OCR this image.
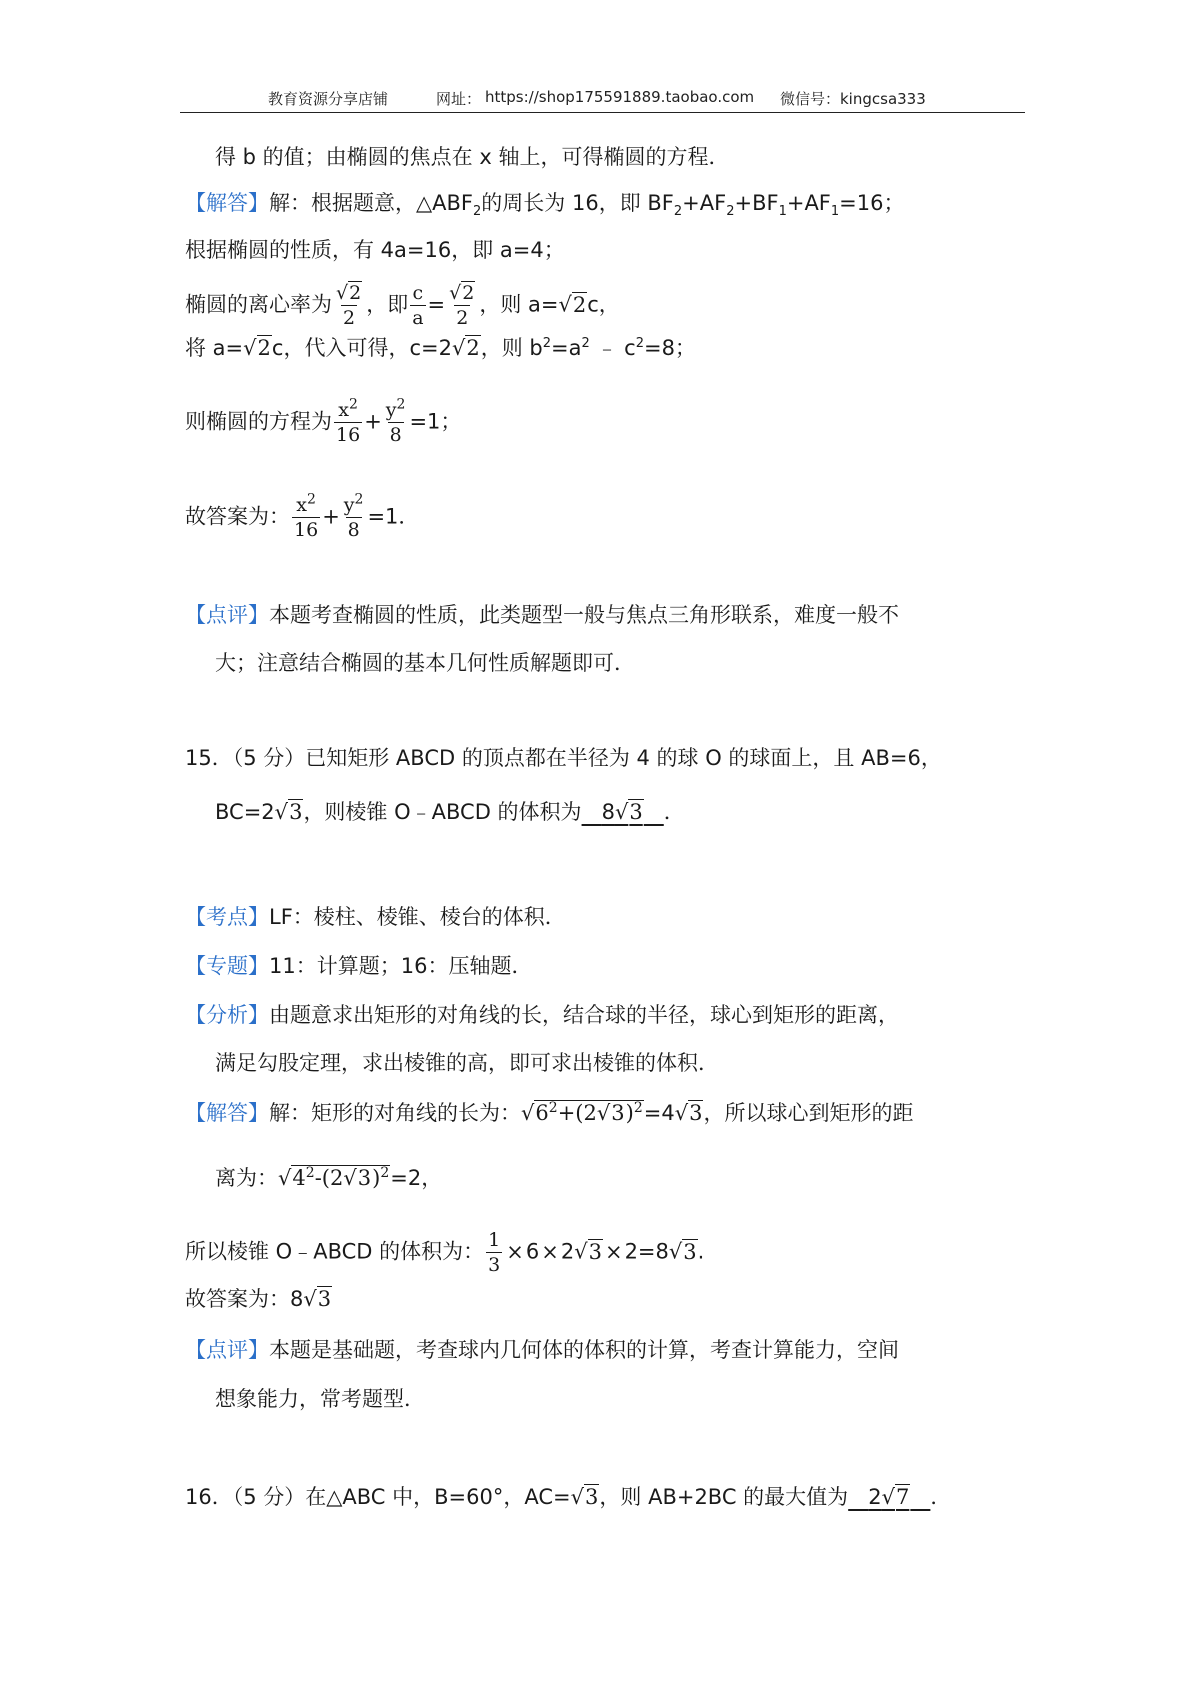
教育资源分享店铺	网址： https://shop175591889.taobao.com 微信号：kingcsa333
得 b 的值；由椭圆的焦点在 x 轴上，可得椭圆的方程．
【解答】解：根据题意，$\triangle ABF_2$的周长为 16，即 $BF_2+AF_2+BF_1+AF_1=16$；
根据椭圆的性质，有 4a=16，即 a=4；
椭圆的离心率为 $\frac{√2}{2}$ ，即 $\frac{c}{a} = \frac{√2}{2}$ ，则 a=√2c，
将 a=√2c，代入可得，c=2√2，则 $b^2=a^2$ ﹣ $c^2=8$；
则椭圆的方程为 $\frac{x^2}{16} + \frac{y^2}{8} =1$；
故答案为： $\frac{x^2}{16} + \frac{y^2}{8} =1$．
【点评】本题考查椭圆的性质，此类题型一般与焦点三角形联系，难度一般不
大；注意结合椭圆的基本几何性质解题即可．
15．（5 分）已知矩形 ABCD 的顶点都在半径为 4 的球 O 的球面上，且 AB=6，
BC=2√3，则棱锥 O﹣ABCD 的体积为 8√3 ．
【考点】LF：棱柱、棱锥、棱台的体积．
【专题】11：计算题；16：压轴题．
【分析】由题意求出矩形的对角线的长，结合球的半径，球心到矩形的距离，
满足勾股定理，求出棱锥的高，即可求出棱锥的体积．
【解答】解：矩形的对角线的长为：$√6^2+(2√3)^2=4√3$，所以球心到矩形的距
离为：$√4^2-(2√3)^2=2$，
所以棱锥 O﹣ABCD 的体积为： $\frac{1}{3} \times 6\times 2√3 \times 2=8√3$.
故答案为：8√3
【点评】本题是基础题，考查球内几何体的体积的计算，考查计算能力，空间
想象能力，常考题型．
16．（5 分）在△ABC 中，B=60°，AC=√3，则 AB+2BC 的最大值为 2√7 ．
